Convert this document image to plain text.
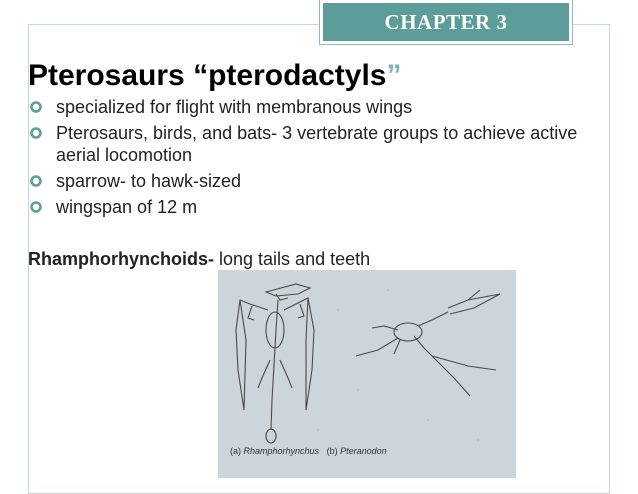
CHAPTER 3
Pterosaurs “pterodactyls”
specialized for flight with membranous wings
Pterosaurs, birds, and bats- 3 vertebrate groups to achieve active aerial locomotion
sparrow- to hawk-sized
wingspan of 12 m

Rhamphorhynchoids- long tails and teeth

(a) Rhamphorhynchus (b) Pteranodon
